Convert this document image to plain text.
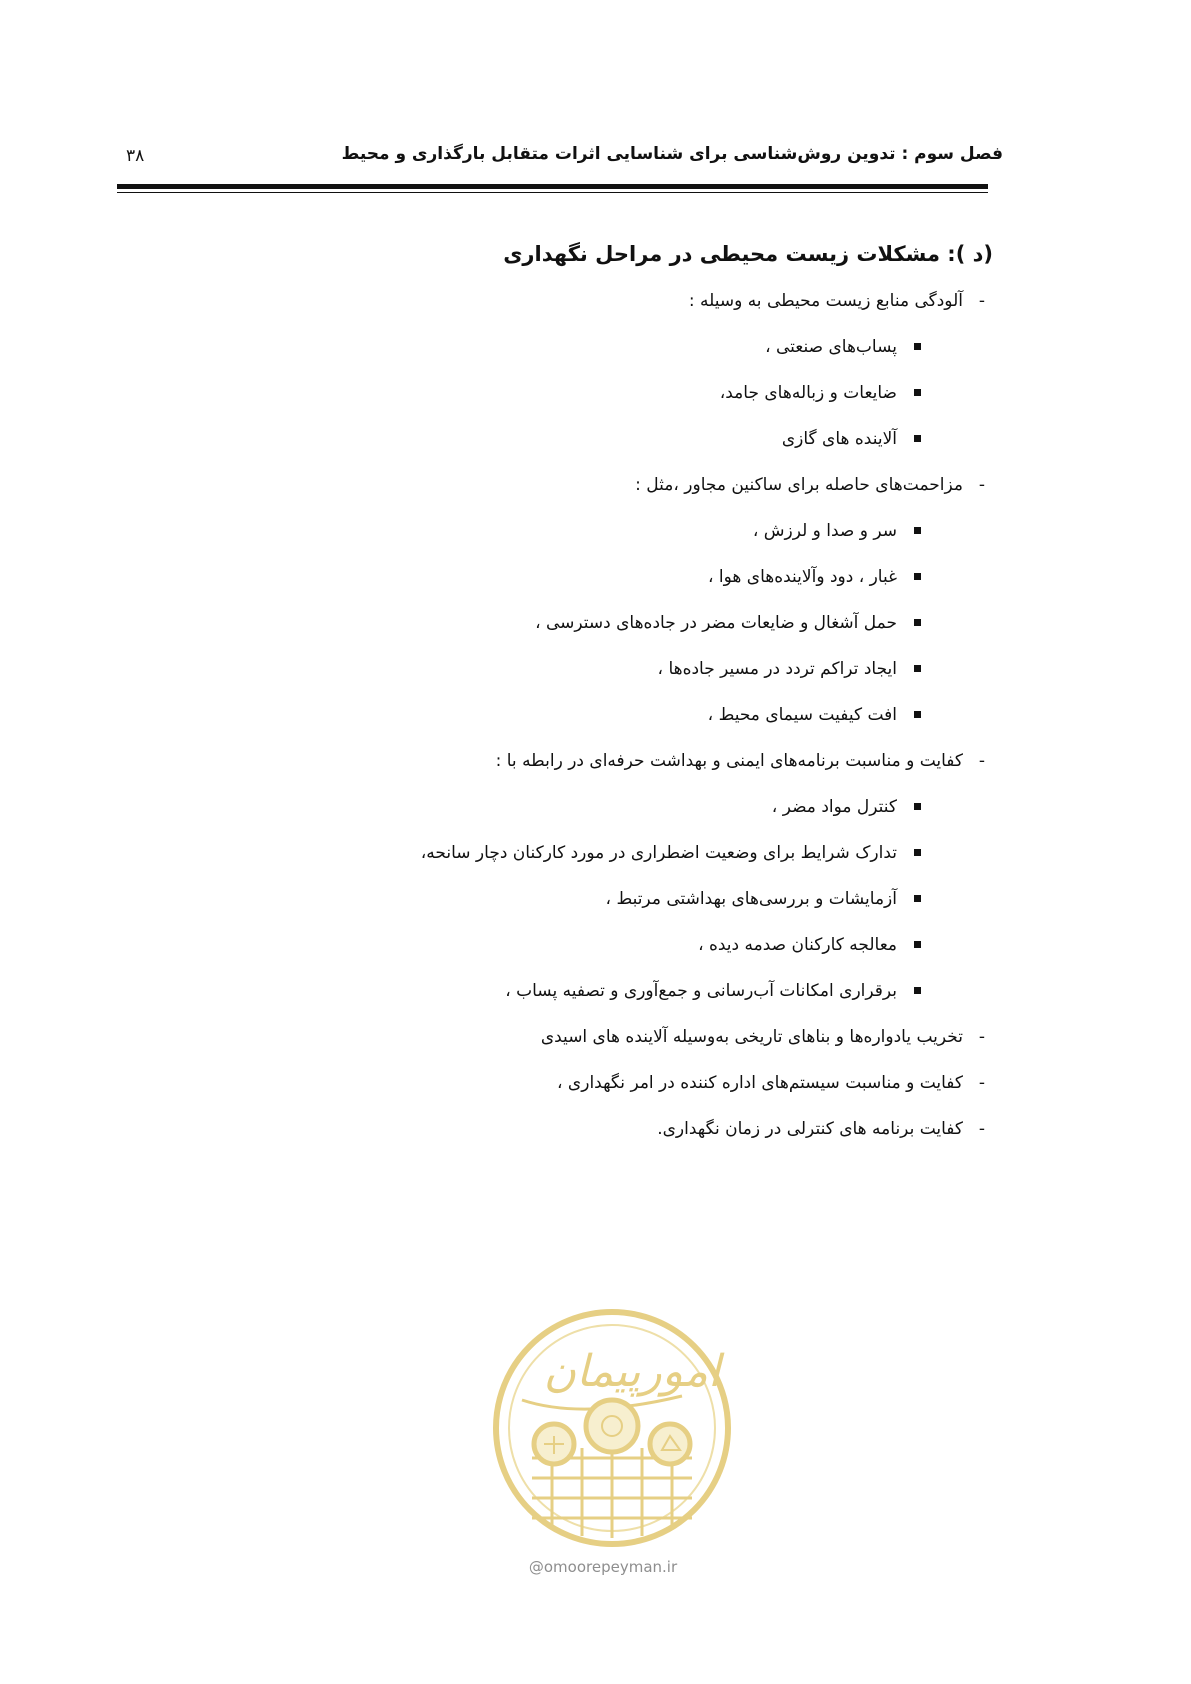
فصل سوم : تدوین روش‌شناسی برای شناسایی اثرات متقابل بارگذاری و محیط
۳۸
(د ): مشکلات زیست محیطی در مراحل نگهداری
-
آلودگی منابع زیست محیطی به وسیله :
پساب‌های صنعتی ،
ضایعات و زباله‌های جامد،
آلاینده های گازی
-
مزاحمت‌های حاصله برای ساکنین مجاور ،مثل :
سر و صدا و لرزش ،
غبار ، دود وآلاینده‌های هوا ،
حمل آشغال و ضایعات مضر در جاده‌های دسترسی ،
ایجاد تراکم تردد در مسیر جاده‌ها ،
افت کیفیت سیمای محیط ،
-
کفایت و مناسبت برنامه‌های ایمنی و بهداشت حرفه‌ای در رابطه با :
کنترل مواد مضر ،
تدارک شرایط برای وضعیت اضطراری در مورد کارکنان دچار سانحه،
آزمایشات و بررسی‌های بهداشتی مرتبط ،
معالجه کارکنان صدمه دیده ،
برقراری امکانات آب‌رسانی و جمع‌آوری و تصفیه پساب ،
-
تخریب یادواره‌ها و بناهای تاریخی به‌وسیله آلاینده های اسیدی
-
کفایت و مناسبت سیستم‌های اداره کننده در امر نگهداری ،
-
کفایت برنامه های کنترلی در زمان نگهداری.
امورپیمان
@omoorepeyman.ir
